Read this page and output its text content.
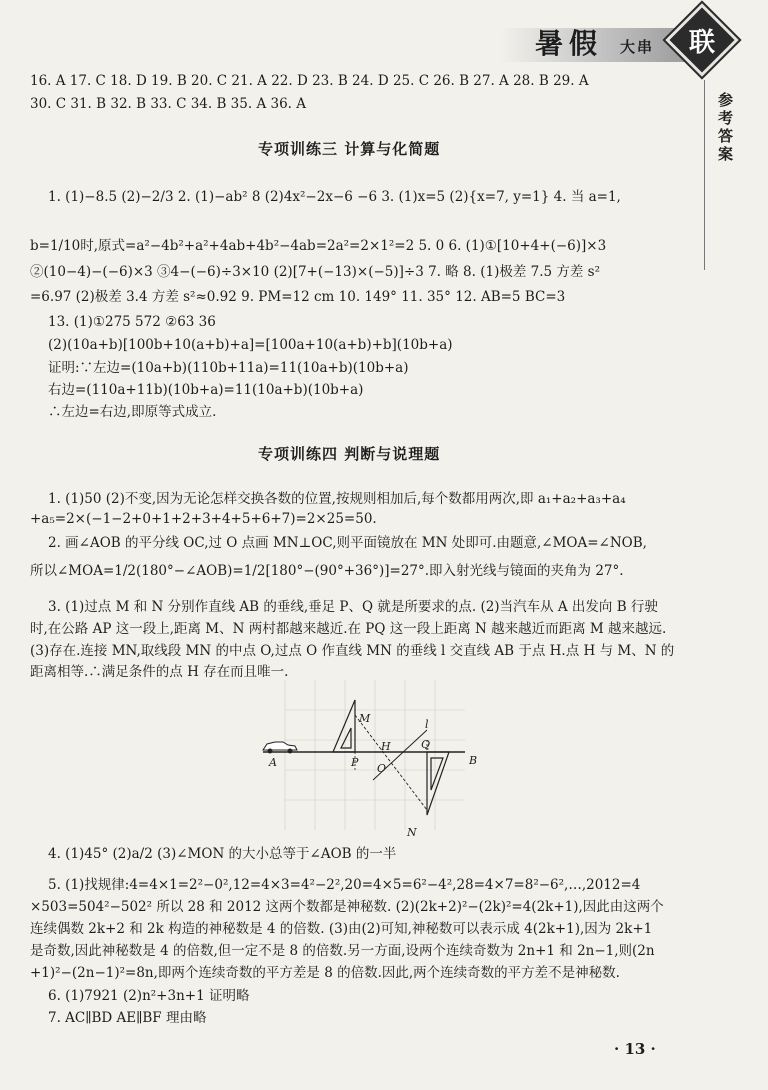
暑假 大串	联
参考答案
16. A 17. C 18. D 19. B 20. C 21. A 22. D 23. B 24. D 25. C 26. B 27. A 28. B 29. A
30. C 31. B 32. B 33. C 34. B 35. A 36. A
专项训练三 计算与化简题
1. (1)−8.5 (2)−2/3 2. (1)−ab² 8 (2)4x²−2x−6 −6 3. (1)x=5 (2){x=7, y=1} 4. 当 a=1,
b=1/10时,原式=a²−4b²+a²+4ab+4b²−4ab=2a²=2×1²=2 5. 0 6. (1)①[10+4+(−6)]×3
②(10−4)−(−6)×3 ③4−(−6)÷3×10 (2)[7+(−13)×(−5)]÷3 7. 略 8. (1)极差 7.5 方差 s²
=6.97 (2)极差 3.4 方差 s²≈0.92 9. PM=12 cm 10. 149° 11. 35° 12. AB=5 BC=3
13. (1)①275 572 ②63 36
(2)(10a+b)[100b+10(a+b)+a]=[100a+10(a+b)+b](10b+a)
证明:∵左边=(10a+b)(110b+11a)=11(10a+b)(10b+a)
右边=(110a+11b)(10b+a)=11(10a+b)(10b+a)
∴左边=右边,即原等式成立.
专项训练四 判断与说理题
1. (1)50 (2)不变,因为无论怎样交换各数的位置,按规则相加后,每个数都用两次,即 a₁+a₂+a₃+a₄
+a₅=2×(−1−2+0+1+2+3+4+5+6+7)=2×25=50.
2. 画∠AOB 的平分线 OC,过 O 点画 MN⊥OC,则平面镜放在 MN 处即可.由题意,∠MOA=∠NOB,
所以∠MOA=1/2(180°−∠AOB)=1/2[180°−(90°+36°)]=27°.即入射光线与镜面的夹角为 27°.
3. (1)过点 M 和 N 分别作直线 AB 的垂线,垂足 P、Q 就是所要求的点. (2)当汽车从 A 出发向 B 行驶
时,在公路 AP 这一段上,距离 M、N 两村都越来越近.在 PQ 这一段上距离 N 越来越近而距离 M 越来越远.
(3)存在.连接 MN,取线段 MN 的中点 O,过点 O 作直线 MN 的垂线 l 交直线 AB 于点 H.点 H 与 M、N 的
距离相等.∴满足条件的点 H 存在而且唯一.
A	B
P
Q
H
O
M
N
l
4. (1)45° (2)a/2 (3)∠MON 的大小总等于∠AOB 的一半
5. (1)找规律:4=4×1=2²−0²,12=4×3=4²−2²,20=4×5=6²−4²,28=4×7=8²−6²,…,2012=4
×503=504²−502² 所以 28 和 2012 这两个数都是神秘数. (2)(2k+2)²−(2k)²=4(2k+1),因此由这两个
连续偶数 2k+2 和 2k 构造的神秘数是 4 的倍数. (3)由(2)可知,神秘数可以表示成 4(2k+1),因为 2k+1
是奇数,因此神秘数是 4 的倍数,但一定不是 8 的倍数.另一方面,设两个连续奇数为 2n+1 和 2n−1,则(2n
+1)²−(2n−1)²=8n,即两个连续奇数的平方差是 8 的倍数.因此,两个连续奇数的平方差不是神秘数.
6. (1)7921 (2)n²+3n+1 证明略
7. AC∥BD AE∥BF 理由略
· 13 ·
